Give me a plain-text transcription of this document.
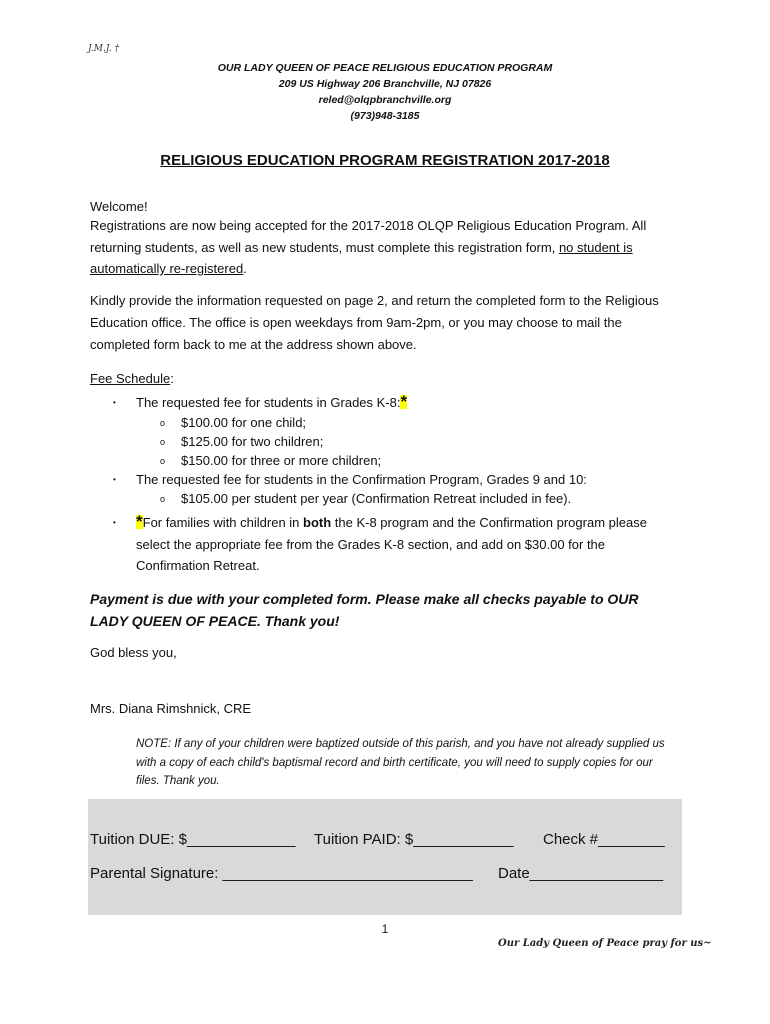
J.M.J. †
OUR LADY QUEEN OF PEACE RELIGIOUS EDUCATION PROGRAM
209 US Highway 206 Branchville, NJ 07826
reled@olqpbranchville.org
(973)948-3185
RELIGIOUS EDUCATION PROGRAM REGISTRATION 2017-2018
Welcome!
Registrations are now being accepted for the 2017-2018 OLQP Religious Education Program. All returning students, as well as new students, must complete this registration form, no student is automatically re-registered.
Kindly provide the information requested on page 2, and return the completed form to the Religious Education office. The office is open weekdays from 9am-2pm, or you may choose to mail the completed form back to me at the address shown above.
Fee Schedule:
• The requested fee for students in Grades K-8:*
o $100.00 for one child;
o $125.00 for two children;
o $150.00 for three or more children;
• The requested fee for students in the Confirmation Program, Grades 9 and 10:
o $105.00 per student per year (Confirmation Retreat included in fee).
• *For families with children in both the K-8 program and the Confirmation program please select the appropriate fee from the Grades K-8 section, and add on $30.00 for the Confirmation Retreat.
Payment is due with your completed form. Please make all checks payable to OUR LADY QUEEN OF PEACE. Thank you!
God bless you,
Mrs. Diana Rimshnick, CRE
NOTE: If any of your children were baptized outside of this parish, and you have not already supplied us with a copy of each child's baptismal record and birth certificate, you will need to supply copies for our files. Thank you.
Tuition DUE: $_____________ Tuition PAID: $____________ Check #________
Parental Signature: ______________________________ Date________________
1
Our Lady Queen of Peace pray for us~
